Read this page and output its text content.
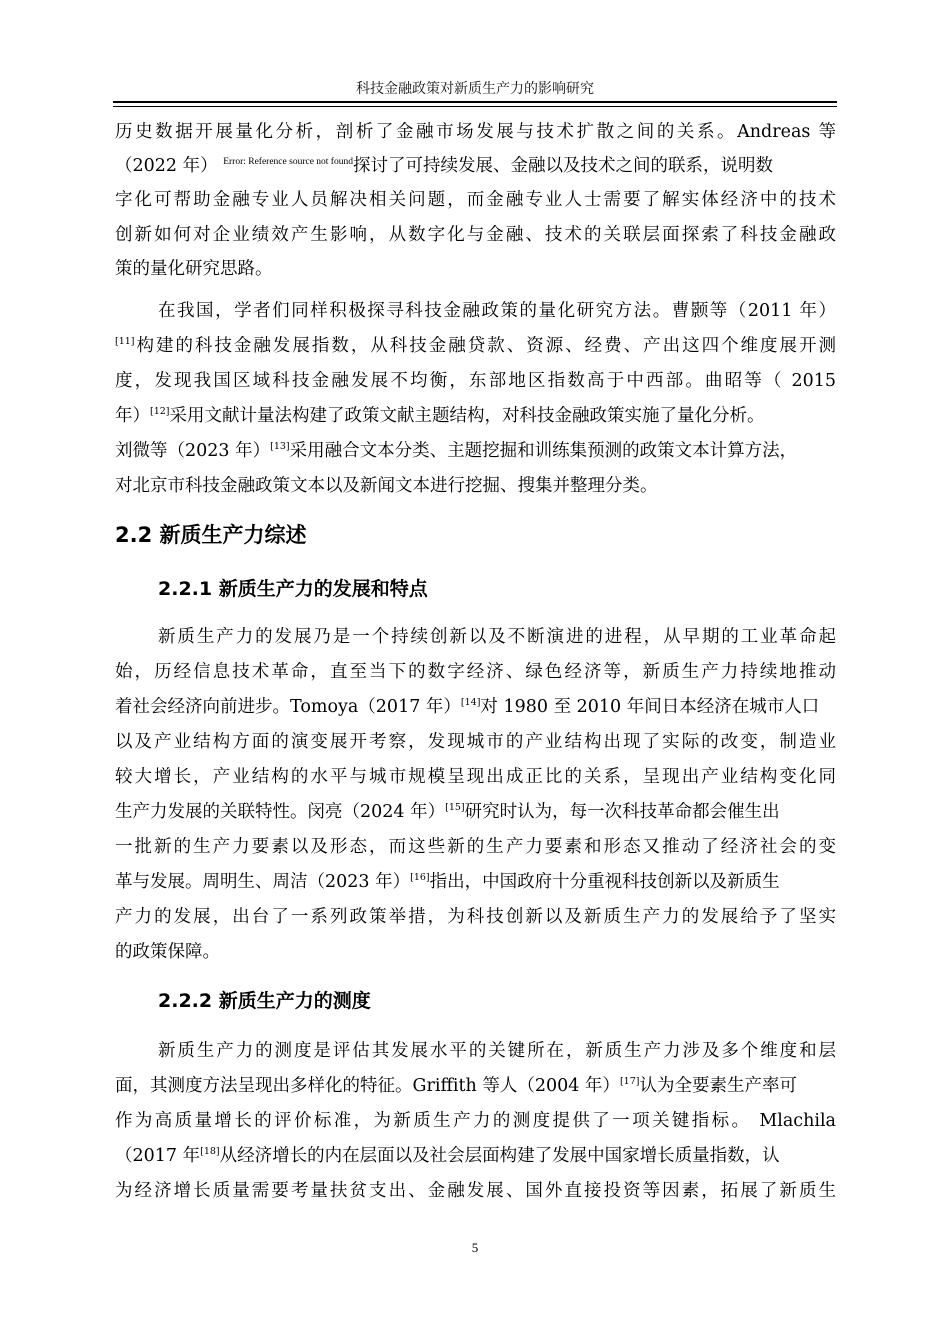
科技金融政策对新质生产力的影响研究
历史数据开展量化分析，剖析了金融市场发展与技术扩散之间的关系。Andreas 等
（2022 年） $^{Error: Reference source not found}$探讨了可持续发展、金融以及技术之间的联系，说明数
字化可帮助金融专业人员解决相关问题，而金融专业人士需要了解实体经济中的技术
创新如何对企业绩效产生影响，从数字化与金融、技术的关联层面探索了科技金融政
策的量化研究思路。
在我国，学者们同样积极探寻科技金融政策的量化研究方法。曹颢等（2011 年）
[11]构建的科技金融发展指数，从科技金融贷款、资源、经费、产出这四个维度展开测
度，发现我国区域科技金融发展不均衡，东部地区指数高于中西部。曲昭等（ 2015
年）[12]采用文献计量法构建了政策文献主题结构，对科技金融政策实施了量化分析。
刘微等（2023 年）[13]采用融合文本分类、主题挖掘和训练集预测的政策文本计算方法，
对北京市科技金融政策文本以及新闻文本进行挖掘、搜集并整理分类。
2.2 新质生产力综述
2.2.1 新质生产力的发展和特点
新质生产力的发展乃是一个持续创新以及不断演进的进程，从早期的工业革命起
始，历经信息技术革命，直至当下的数字经济、绿色经济等，新质生产力持续地推动
着社会经济向前进步。Tomoya（2017 年）[14]对 1980 至 2010 年间日本经济在城市人口
以及产业结构方面的演变展开考察，发现城市的产业结构出现了实际的改变，制造业
较大增长，产业结构的水平与城市规模呈现出成正比的关系，呈现出产业结构变化同
生产力发展的关联特性。闵亮（2024 年）[15]研究时认为，每一次科技革命都会催生出
一批新的生产力要素以及形态，而这些新的生产力要素和形态又推动了经济社会的变
革与发展。周明生、周洁（2023 年）[16]指出，中国政府十分重视科技创新以及新质生
产力的发展，出台了一系列政策举措，为科技创新以及新质生产力的发展给予了坚实
的政策保障。
2.2.2 新质生产力的测度
新质生产力的测度是评估其发展水平的关键所在，新质生产力涉及多个维度和层
面，其测度方法呈现出多样化的特征。Griffith 等人（2004 年）[17]认为全要素生产率可
作为高质量增长的评价标准，为新质生产力的测度提供了一项关键指标。 Mlachila
（2017 年[18]从经济增长的内在层面以及社会层面构建了发展中国家增长质量指数，认
为经济增长质量需要考量扶贫支出、金融发展、国外直接投资等因素，拓展了新质生
5
